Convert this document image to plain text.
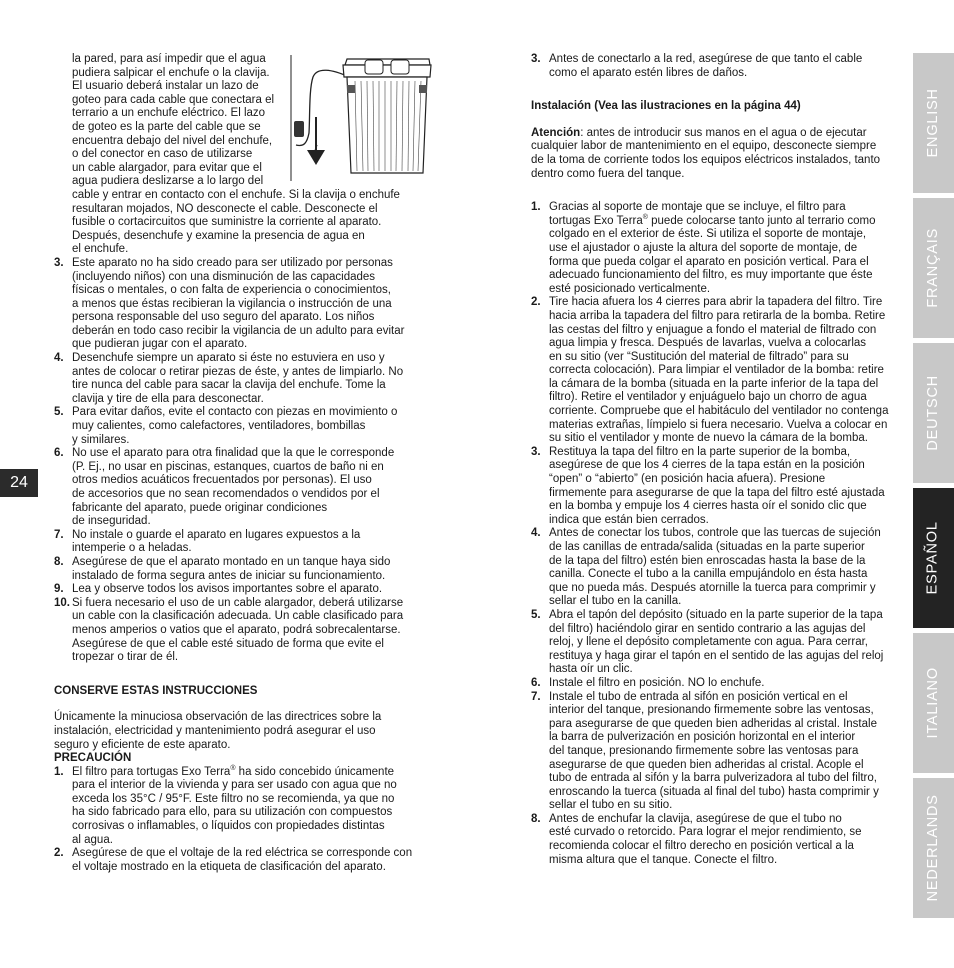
24
ENGLISH
FRANÇAIS
DEUTSCH
ESPAÑOL
ITALIANO
NEDERLANDS
la pared, para así impedir que el agua
pudiera salpicar el enchufe o la clavija.
El usuario deberá instalar un lazo de
goteo para cada cable que conectara el
terrario a un enchufe eléctrico. El lazo
de goteo es la parte del cable que se
encuentra debajo del nivel del enchufe,
o del conector en caso de utilizarse
un cable alargador, para evitar que el
agua pudiera deslizarse a lo largo del
cable y entrar en contacto con el enchufe. Si la clavija o enchufe
resultaran mojados, NO desconecte el cable. Desconecte el
fusible o cortacircuitos que suministre la corriente al aparato.
Después, desenchufe y examine la presencia de agua en
el enchufe.
3. Este aparato no ha sido creado para ser utilizado por personas
(incluyendo niños) con una disminución de las capacidades
físicas o mentales, o con falta de experiencia o conocimientos,
a menos que éstas recibieran la vigilancia o instrucción de una
persona responsable del uso seguro del aparato. Los niños
deberán en todo caso recibir la vigilancia de un adulto para evitar
que pudieran jugar con el aparato.
4. Desenchufe siempre un aparato si éste no estuviera en uso y
antes de colocar o retirar piezas de éste, y antes de limpiarlo. No
tire nunca del cable para sacar la clavija del enchufe. Tome la
clavija y tire de ella para desconectar.
5. Para evitar daños, evite el contacto con piezas en movimiento o
muy calientes, como calefactores, ventiladores, bombillas
y similares.
6. No use el aparato para otra finalidad que la que le corresponde
(P. Ej., no usar en piscinas, estanques, cuartos de baño ni en
otros medios acuáticos frecuentados por personas). El uso
de accesorios que no sean recomendados o vendidos por el
fabricante del aparato, puede originar condiciones
de inseguridad.
7. No instale o guarde el aparato en lugares expuestos a la
intemperie o a heladas.
8. Asegúrese de que el aparato montado en un tanque haya sido
instalado de forma segura antes de iniciar su funcionamiento.
9. Lea y observe todos los avisos importantes sobre el aparato.
10. Si fuera necesario el uso de un cable alargador, deberá utilizarse
un cable con la clasificación adecuada. Un cable clasificado para
menos amperios o vatios que el aparato, podrá sobrecalentarse.
Asegúrese de que el cable esté situado de forma que evite el
tropezar o tirar de él.

CONSERVE ESTAS INSTRUCCIONES

Únicamente la minuciosa observación de las directrices sobre la
instalación, electricidad y mantenimiento podrá asegurar el uso
seguro y eficiente de este aparato.

PRECAUCIÓN

1. El filtro para tortugas Exo Terra® ha sido concebido únicamente
para el interior de la vivienda y para ser usado con agua que no
exceda los 35°C / 95°F. Este filtro no se recomienda, ya que no
ha sido fabricado para ello, para su utilización con compuestos
corrosivas o inflamables, o líquidos con propiedades distintas
al agua.
2. Asegúrese de que el voltaje de la red eléctrica se corresponde con
el voltaje mostrado en la etiqueta de clasificación del aparato.
3. Antes de conectarlo a la red, asegúrese de que tanto el cable
como el aparato estén libres de daños.

Instalación (Vea las ilustraciones en la página 44)

Atención: antes de introducir sus manos en el agua o de ejecutar
cualquier labor de mantenimiento en el equipo, desconecte siempre
de la toma de corriente todos los equipos eléctricos instalados, tanto
dentro como fuera del tanque.
1. Gracias al soporte de montaje que se incluye, el filtro para
tortugas Exo Terra® puede colocarse tanto junto al terrario como
colgado en el exterior de éste. Si utiliza el soporte de montaje,
use el ajustador o ajuste la altura del soporte de montaje, de
forma que pueda colgar el aparato en posición vertical. Para el
adecuado funcionamiento del filtro, es muy importante que éste
esté posicionado verticalmente.
2. Tire hacia afuera los 4 cierres para abrir la tapadera del filtro. Tire
hacia arriba la tapadera del filtro para retirarla de la bomba. Retire
las cestas del filtro y enjuague a fondo el material de filtrado con
agua limpia y fresca. Después de lavarlas, vuelva a colocarlas
en su sitio (ver “Sustitución del material de filtrado” para su
correcta colocación). Para limpiar el ventilador de la bomba: retire
la cámara de la bomba (situada en la parte inferior de la tapa del
filtro). Retire el ventilador y enjuáguelo bajo un chorro de agua
corriente. Compruebe que el habitáculo del ventilador no contenga
materias extrañas, límpielo si fuera necesario. Vuelva a colocar en
su sitio el ventilador y monte de nuevo la cámara de la bomba.
3. Restituya la tapa del filtro en la parte superior de la bomba,
asegúrese de que los 4 cierres de la tapa están en la posición
“open” o “abierto” (en posición hacia afuera). Presione
firmemente para asegurarse de que la tapa del filtro esté ajustada
en la bomba y empuje los 4 cierres hasta oír el sonido clic que
indica que están bien cerrados.
4. Antes de conectar los tubos, controle que las tuercas de sujeción
de las canillas de entrada/salida (situadas en la parte superior
de la tapa del filtro) estén bien enroscadas hasta la base de la
canilla. Conecte el tubo a la canilla empujándolo en ésta hasta
que no pueda más. Después atornille la tuerca para comprimir y
sellar el tubo en la canilla.
5. Abra el tapón del depósito (situado en la parte superior de la tapa
del filtro) haciéndolo girar en sentido contrario a las agujas del
reloj, y llene el depósito completamente con agua. Para cerrar,
restituya y haga girar el tapón en el sentido de las agujas del reloj
hasta oír un clic.
6. Instale el filtro en posición. NO lo enchufe.
7. Instale el tubo de entrada al sifón en posición vertical en el
interior del tanque, presionando firmemente sobre las ventosas,
para asegurarse de que queden bien adheridas al cristal. Instale
la barra de pulverización en posición horizontal en el interior
del tanque, presionando firmemente sobre las ventosas para
asegurarse de que queden bien adheridas al cristal. Acople el
tubo de entrada al sifón y la barra pulverizadora al tubo del filtro,
enroscando la tuerca (situada al final del tubo) hasta comprimir y
sellar el tubo en su sitio.
8. Antes de enchufar la clavija, asegúrese de que el tubo no
esté curvado o retorcido. Para lograr el mejor rendimiento, se
recomienda colocar el filtro derecho en posición vertical a la
misma altura que el tanque. Conecte el filtro.
